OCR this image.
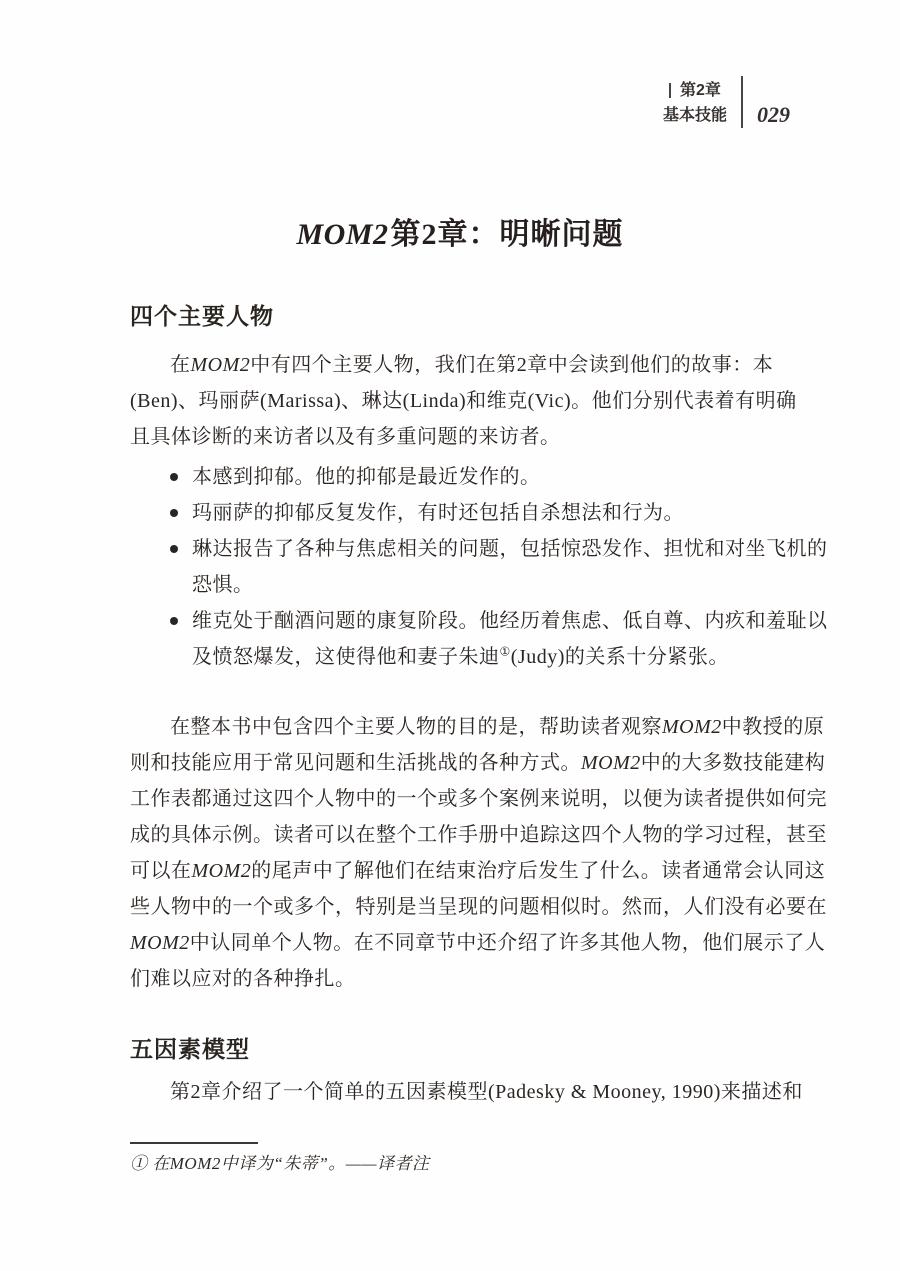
第2章
基本技能 029
MOM2第2章：明晰问题
四个主要人物
在MOM2中有四个主要人物，我们在第2章中会读到他们的故事：本
(Ben)、玛丽萨(Marissa)、琳达(Linda)和维克(Vic)。他们分别代表着有明确
且具体诊断的来访者以及有多重问题的来访者。
本感到抑郁。他的抑郁是最近发作的。
玛丽萨的抑郁反复发作，有时还包括自杀想法和行为。
琳达报告了各种与焦虑相关的问题，包括惊恐发作、担忧和对坐飞机的
恐惧。
维克处于酗酒问题的康复阶段。他经历着焦虑、低自尊、内疚和羞耻以
及愤怒爆发，这使得他和妻子朱迪①(Judy)的关系十分紧张。
在整本书中包含四个主要人物的目的是，帮助读者观察MOM2中教授的原
则和技能应用于常见问题和生活挑战的各种方式。MOM2中的大多数技能建构
工作表都通过这四个人物中的一个或多个案例来说明，以便为读者提供如何完
成的具体示例。读者可以在整个工作手册中追踪这四个人物的学习过程，甚至
可以在MOM2的尾声中了解他们在结束治疗后发生了什么。读者通常会认同这
些人物中的一个或多个，特别是当呈现的问题相似时。然而，人们没有必要在
MOM2中认同单个人物。在不同章节中还介绍了许多其他人物，他们展示了人
们难以应对的各种挣扎。
五因素模型
第2章介绍了一个简单的五因素模型(Padesky & Mooney, 1990)来描述和
① 在MOM2中译为“朱蒂”。——译者注
